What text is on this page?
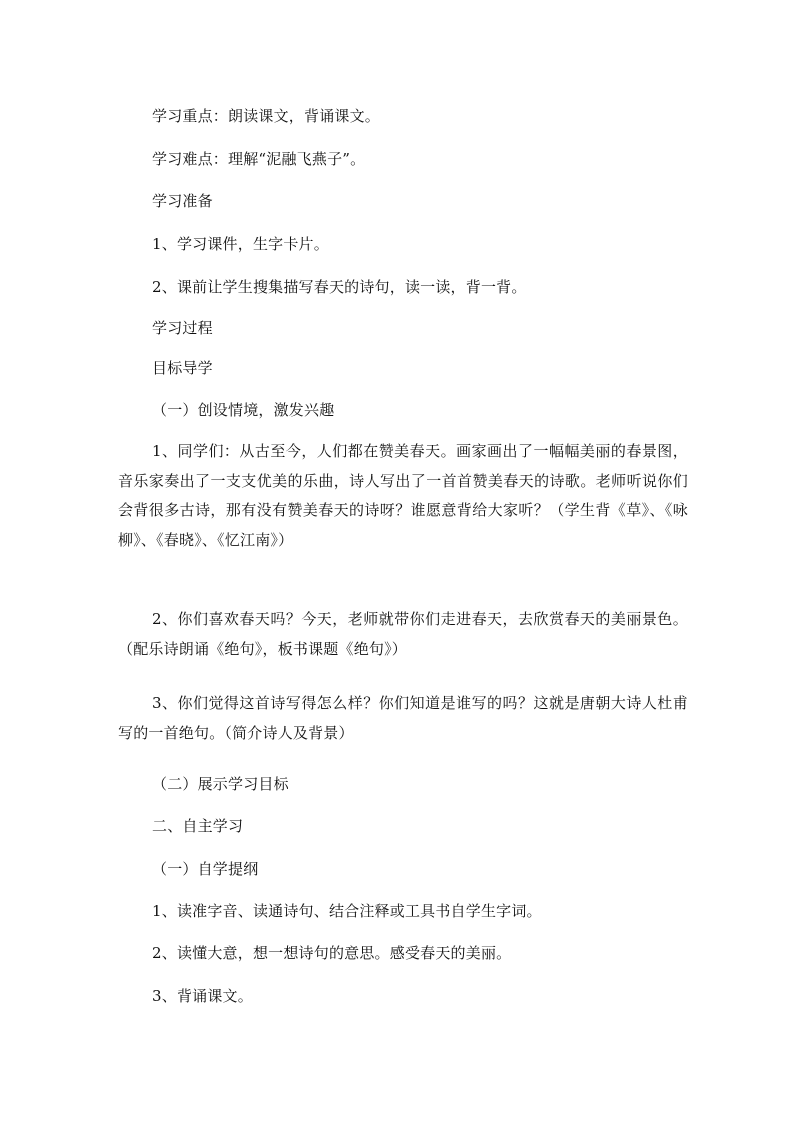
学习重点：朗读课文，背诵课文。
学习难点：理解“泥融飞燕子”。
学习准备
1、学习课件，生字卡片。
2、课前让学生搜集描写春天的诗句，读一读，背一背。
学习过程
目标导学
（一）创设情境，激发兴趣
1、同学们：从古至今，人们都在赞美春天。画家画出了一幅幅美丽的春景图，音乐家奏出了一支支优美的乐曲，诗人写出了一首首赞美春天的诗歌。老师听说你们会背很多古诗，那有没有赞美春天的诗呀？谁愿意背给大家听？（学生背《草》、《咏柳》、《春晓》、《忆江南》）
2、你们喜欢春天吗？今天，老师就带你们走进春天，去欣赏春天的美丽景色。（配乐诗朗诵《绝句》，板书课题《绝句》）
3、你们觉得这首诗写得怎么样？你们知道是谁写的吗？这就是唐朝大诗人杜甫写的一首绝句。（简介诗人及背景）
（二）展示学习目标
二、自主学习
（一）自学提纲
1、读准字音、读通诗句、结合注释或工具书自学生字词。
2、读懂大意，想一想诗句的意思。感受春天的美丽。
3、背诵课文。
